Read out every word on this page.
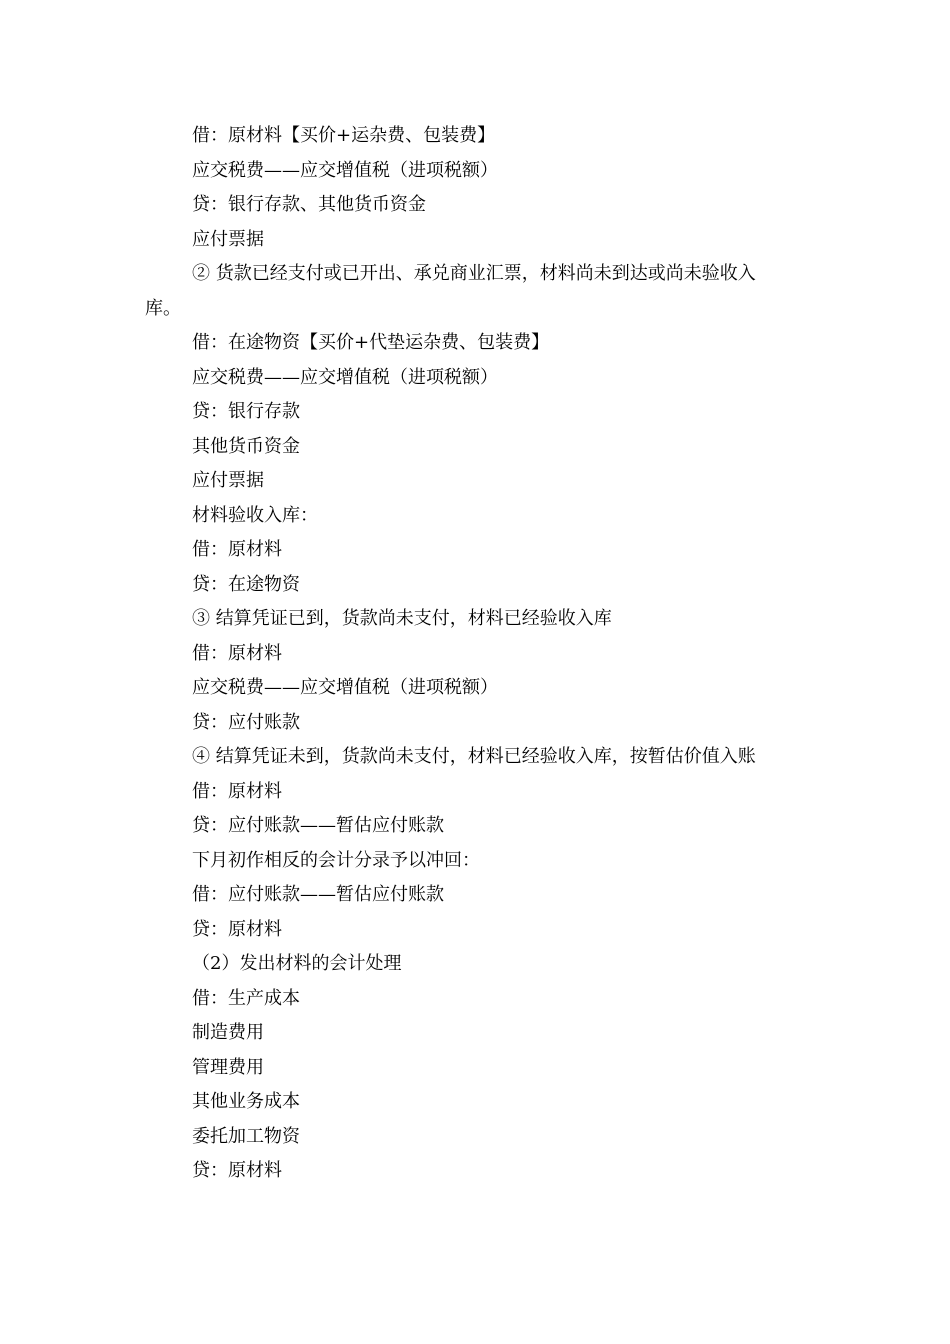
借：原材料【买价+运杂费、包装费】
应交税费——应交增值税（进项税额）
贷：银行存款、其他货币资金
应付票据
② 货款已经支付或已开出、承兑商业汇票，材料尚未到达或尚未验收入
库。
借：在途物资【买价+代垫运杂费、包装费】
应交税费——应交增值税（进项税额）
贷：银行存款
其他货币资金
应付票据
材料验收入库：
借：原材料
贷：在途物资
③ 结算凭证已到，货款尚未支付，材料已经验收入库
借：原材料
应交税费——应交增值税（进项税额）
贷：应付账款
④ 结算凭证未到，货款尚未支付，材料已经验收入库，按暂估价值入账
借：原材料
贷：应付账款——暂估应付账款
下月初作相反的会计分录予以冲回：
借：应付账款——暂估应付账款
贷：原材料
（2）发出材料的会计处理
借：生产成本
制造费用
管理费用
其他业务成本
委托加工物资
贷：原材料
